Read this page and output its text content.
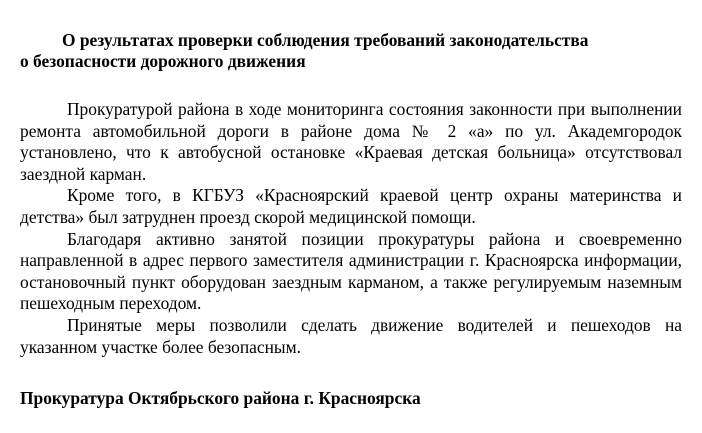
О результатах проверки соблюдения требований законодательства

о безопасности дорожного движения

Прокуратурой района в ходе мониторинга состояния законности при выполнении ремонта автомобильной дороги в районе дома № 2 «а» по ул. Академгородок установлено, что к автобусной остановке «Краевая детская больница» отсутствовал заездной карман.

Кроме того, в КГБУЗ «Красноярский краевой центр охраны материнства и детства» был затруднен проезд скорой медицинской помощи.

Благодаря активно занятой позиции прокуратуры района и своевременно направленной в адрес первого заместителя администрации г. Красноярска информации, остановочный пункт оборудован заездным карманом, а также регулируемым наземным пешеходным переходом.

Принятые меры позволили сделать движение водителей и пешеходов на указанном участке более безопасным.

Прокуратура Октябрьского района г. Красноярска
